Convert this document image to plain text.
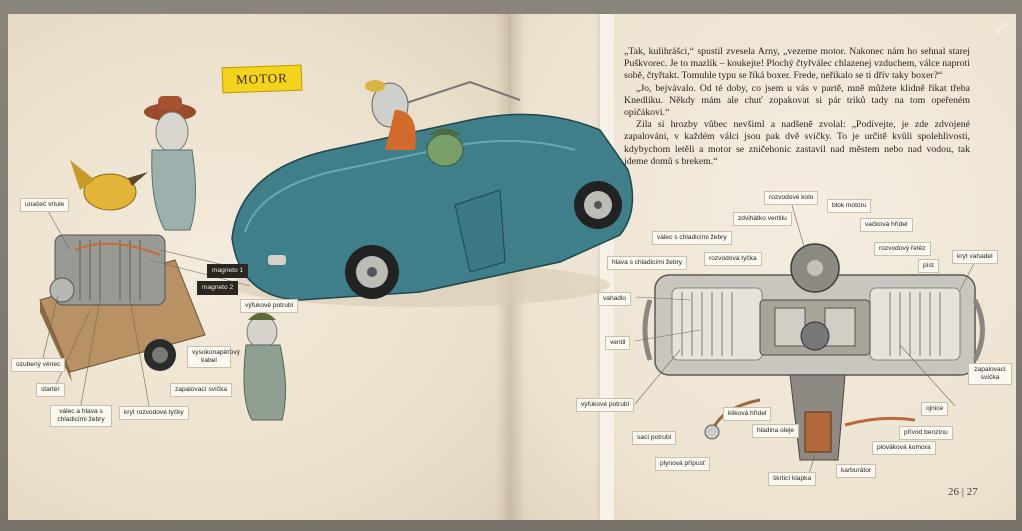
MOTOR
⤢

„Tak, kulihrášci,“ spustil zvesela Arny, „vezeme motor. Nakonec nám ho sehnal starej Puškvorec. Je to mazlík – koukejte! Plochý čtyřválec chlazenej vzduchem, válce naproti sobě, čtyřtakt. Tomuhle typu se říká boxer. Frede, neříkalo se ti dřív taky boxer?“

„Jo, bejvávalo. Od té doby, co jsem u vás v partě, mně můžete klidně říkat třeba Knedlíku. Někdy mám ale chuť zopakovat si pár triků tady na tom opeřeném opičákovi.“

Zila si hrozby vůbec nevšiml a nadšeně zvolal: „Podívejte, je zde zdvojené zapalování, v každém válci jsou pak dvě svíčky. To je určitě kvůli spolehlivosti, kdybychom letěli a motor se zničehonic zastavil nad městem nebo nad vodou, tak jdeme domů s brekem.“

unašeč vrtule
magneto 1
magneto 2
výfukové potrubí
vysokonapěťový kabel
zapalovací svíčka
ozubený věnec
startér
válec a hlava s chladicími žebry
kryt rozvodové tyčky
rozvodové kolo
blok motoru
zdvihátko ventilu
vačková hřídel
válec s chladicími žebry
rozvodový řetěz
hlava s chladicími žebry
rozvodová tyčka
píst
kryt vahadel
vahadlo
ventil
zapalovací svíčka
výfukové potrubí
kliková hřídel
ojnice
sací potrubí
hladina oleje	přívod benzínu
plováková komora
plynová přípusť
karburátor
škrticí klapka
26 | 27
